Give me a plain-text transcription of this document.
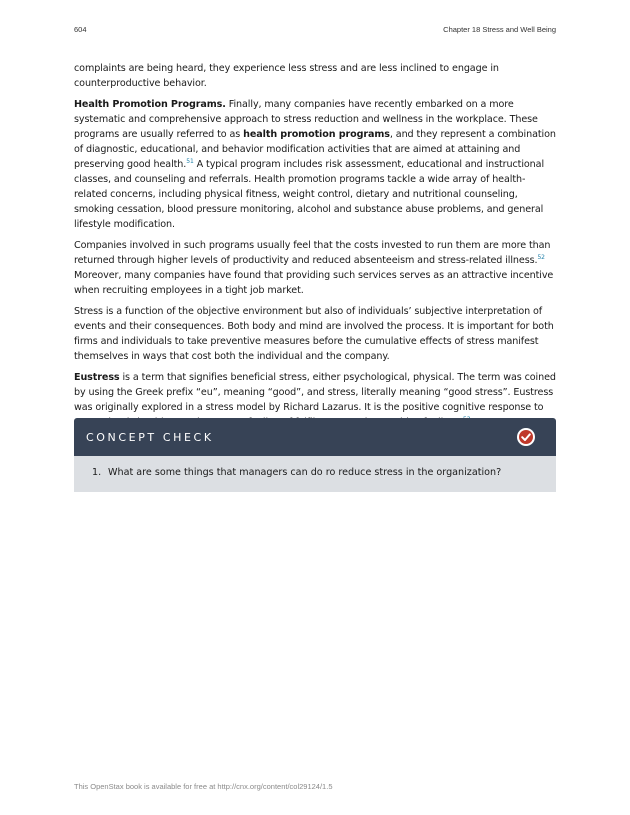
604	Chapter 18 Stress and Well Being

complaints are being heard, they experience less stress and are less inclined to engage in counterproductive behavior.

Health Promotion Programs. Finally, many companies have recently embarked on a more systematic and comprehensive approach to stress reduction and wellness in the workplace. These programs are usually referred to as health promotion programs, and they represent a combination of diagnostic, educational, and behavior modification activities that are aimed at attaining and preserving good health.$^{51}$ A typical program includes risk assessment, educational and instructional classes, and counseling and referrals. Health promotion programs tackle a wide array of health-related concerns, including physical fitness, weight control, dietary and nutritional counseling, smoking cessation, blood pressure monitoring, alcohol and substance abuse problems, and general lifestyle modification.

Companies involved in such programs usually feel that the costs invested to run them are more than returned through higher levels of productivity and reduced absenteeism and stress-related illness.$^{52}$ Moreover, many companies have found that providing such services serves as an attractive incentive when recruiting employees in a tight job market.

Stress is a function of the objective environment but also of individuals’ subjective interpretation of events and their consequences. Both body and mind are involved the process. It is important for both firms and individuals to take preventive measures before the cumulative effects of stress manifest themselves in ways that cost both the individual and the company.

Eustress is a term that signifies beneficial stress, either psychological, physical. The term was coined by using the Greek prefix “eu”, meaning “good”, and stress, literally meaning “good stress”. Eustress was originally explored in a stress model by Richard Lazarus. It is the positive cognitive response to

CONCEPT CHECK
1. What are some things that managers can do ro reduce stress in the organization?
This OpenStax book is available for free at http://cnx.org/content/col29124/1.5
